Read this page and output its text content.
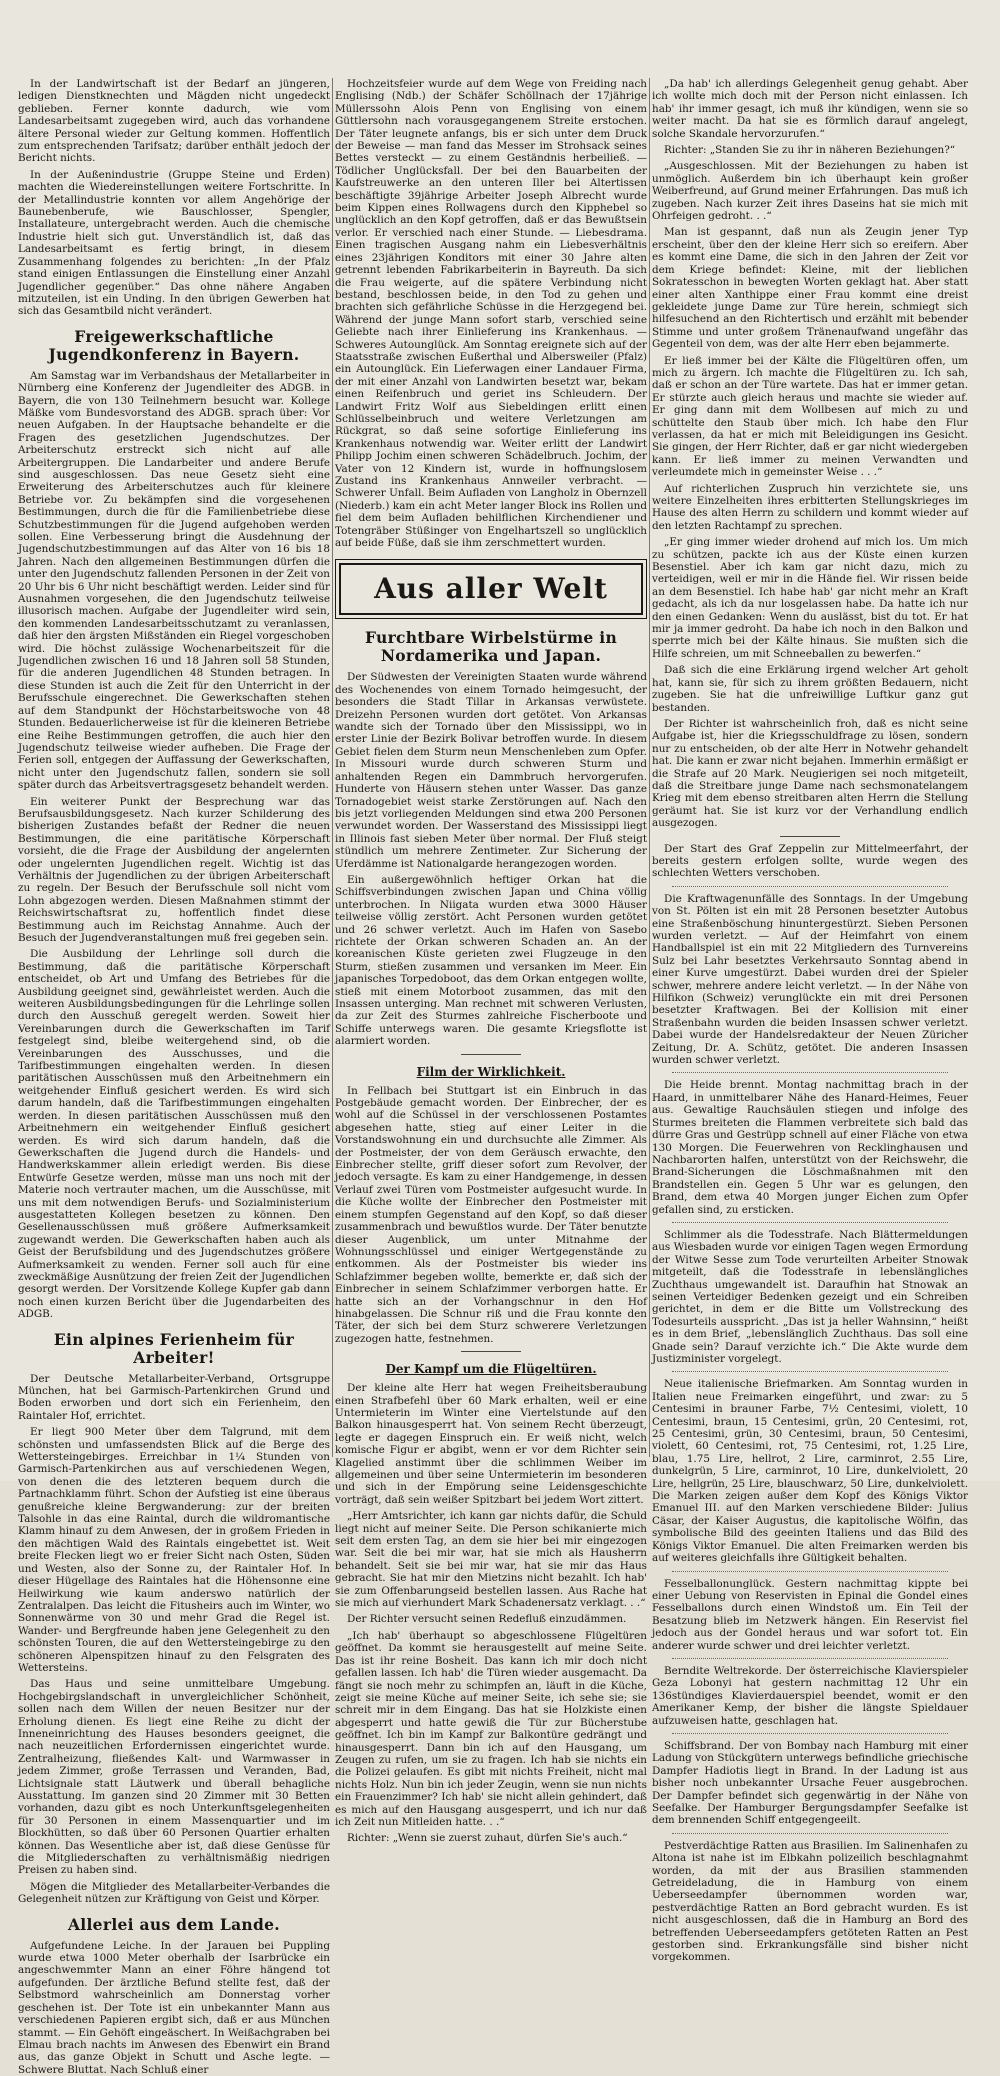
In der Landwirtschaft ist der Bedarf an jüngeren, ledigen Dienstknechten und Mägden nicht ungedeckt geblieben. Ferner konnte dadurch, wie vom Landesarbeitsamt zugegeben wird, auch das vorhandene ältere Personal wieder zur Geltung kommen. Hoffentlich zum entsprechenden Tarifsatz; darüber enthält jedoch der Bericht nichts.

In der Außenindustrie (Gruppe Steine und Erden) machten die Wiedereinstellungen weitere Fortschritte. In der Metallindustrie konnten vor allem Angehörige der Baunebenberufe, wie Bauschlosser, Spengler, Installateure, untergebracht werden. Auch die chemische Industrie hielt sich gut. Unverständlich ist, daß das Landesarbeitsamt es fertig bringt, in diesem Zusammenhang folgendes zu berichten: „In der Pfalz stand einigen Entlassungen die Einstellung einer Anzahl Jugendlicher gegenüber.“ Das ohne nähere Angaben mitzuteilen, ist ein Unding. In den übrigen Gewerben hat sich das Gesamtbild nicht verändert.

Freigewerkschaftliche Jugendkonferenz in Bayern.

Am Samstag war im Verbandshaus der Metallarbeiter in Nürnberg eine Konferenz der Jugendleiter des ADGB. in Bayern, die von 130 Teilnehmern besucht war. Kollege Mäßke vom Bundesvorstand des ADGB. sprach über: Vor neuen Aufgaben. In der Hauptsache behandelte er die Fragen des gesetzlichen Jugendschutzes. Der Arbeiterschutz erstreckt sich nicht auf alle Arbeitergruppen. Die Landarbeiter und andere Berufe sind ausgeschlossen. Das neue Gesetz sieht eine Erweiterung des Arbeiterschutzes auch für kleinere Betriebe vor. Zu bekämpfen sind die vorgesehenen Bestimmungen, durch die für die Familienbetriebe diese Schutzbestimmungen für die Jugend aufgehoben werden sollen. Eine Verbesserung bringt die Ausdehnung der Jugendschutzbestimmungen auf das Alter von 16 bis 18 Jahren. Nach den allgemeinen Bestimmungen dürfen die unter den Jugendschutz fallenden Personen in der Zeit von 20 Uhr bis 6 Uhr nicht beschäftigt werden. Leider sind für Ausnahmen vorgesehen, die den Jugendschutz teilweise illusorisch machen. Aufgabe der Jugendleiter wird sein, den kommenden Landesarbeitsschutzamt zu veranlassen, daß hier den ärgsten Mißständen ein Riegel vorgeschoben wird. Die höchst zulässige Wochenarbeitszeit für die Jugendlichen zwischen 16 und 18 Jahren soll 58 Stunden, für die anderen Jugendlichen 48 Stunden betragen. In diese Stunden ist auch die Zeit für den Unterricht in der Berufsschule eingerechnet. Die Gewerkschaften stehen auf dem Standpunkt der Höchstarbeitswoche von 48 Stunden. Bedauerlicherweise ist für die kleineren Betriebe eine Reihe Bestimmungen getroffen, die auch hier den Jugendschutz teilweise wieder aufheben. Die Frage der Ferien soll, entgegen der Auffassung der Gewerkschaften, nicht unter den Jugendschutz fallen, sondern sie soll später durch das Arbeitsvertragsgesetz behandelt werden.

Ein weiterer Punkt der Besprechung war das Berufsausbildungsgesetz. Nach kurzer Schilderung des bisherigen Zustandes befaßt der Redner die neuen Bestimmungen, die eine paritätische Körperschaft vorsieht, die die Frage der Ausbildung der angelernten oder ungelernten Jugendlichen regelt. Wichtig ist das Verhältnis der Jugendlichen zu der übrigen Arbeiterschaft zu regeln. Der Besuch der Berufsschule soll nicht vom Lohn abgezogen werden. Diesen Maßnahmen stimmt der Reichswirtschaftsrat zu, hoffentlich findet diese Bestimmung auch im Reichstag Annahme. Auch der Besuch der Jugendveranstaltungen muß frei gegeben sein.

Die Ausbildung der Lehrlinge soll durch die Bestimmung, daß die paritätische Körperschaft entscheidet, ob Art und Umfang des Betriebes für die Ausbildung geeignet sind, gewährleistet werden. Auch die weiteren Ausbildungsbedingungen für die Lehrlinge sollen durch den Ausschuß geregelt werden. Soweit hier Vereinbarungen durch die Gewerkschaften im Tarif festgelegt sind, bleibe weitergehend sind, ob die Vereinbarungen des Ausschusses, und die Tarifbestimmungen eingehalten werden. In diesen paritätischen Ausschüssen muß den Arbeitnehmern ein weitgehender Einfluß gesichert werden. Es wird sich darum handeln, daß die Tarifbestimmungen eingehalten werden. In diesen paritätischen Ausschüssen muß den Arbeitnehmern ein weitgehender Einfluß gesichert werden. Es wird sich darum handeln, daß die Gewerkschaften die Jugend durch die Handels- und Handwerkskammer allein erledigt werden. Bis diese Entwürfe Gesetze werden, müsse man uns noch mit der Materie noch vertrauter machen, um die Ausschüsse, mit uns mit dem notwendigen Berufs- und Sozialministerium ausgestatteten Kollegen besetzen zu können. Den Gesellenausschüssen muß größere Aufmerksamkeit zugewandt werden. Die Gewerkschaften haben auch als Geist der Berufsbildung und des Jugendschutzes größere Aufmerksamkeit zu wenden. Ferner soll auch für eine zweckmäßige Ausnützung der freien Zeit der Jugendlichen gesorgt werden. Der Vorsitzende Kollege Kupfer gab dann noch einen kurzen Bericht über die Jugendarbeiten des ADGB.

Ein alpines Ferienheim für Arbeiter!

Der Deutsche Metallarbeiter-Verband, Ortsgruppe München, hat bei Garmisch-Partenkirchen Grund und Boden erworben und dort sich ein Ferienheim, den Raintaler Hof, errichtet.

Er liegt 900 Meter über dem Talgrund, mit dem schönsten und umfassendsten Blick auf die Berge des Wettersteingebirges. Erreichbar in 1¼ Stunden von Garmisch-Partenkirchen aus auf verschiedenen Wegen, von denen die des letzteren bequem durch die Partnachklamm führt. Schon der Aufstieg ist eine überaus genußreiche kleine Bergwanderung: zur der breiten Talsohle in das eine Raintal, durch die wildromantische Klamm hinauf zu dem Anwesen, der in großem Frieden in den mächtigen Wald des Raintals eingebettet ist. Weit breite Flecken liegt wo er freier Sicht nach Osten, Süden und Westen, also der Sonne zu, der Raintaler Hof. In dieser Hügellage des Raintales hat die Höhensonne eine Heilwirkung wie kaum anderswo natürlich der Zentralalpen. Das leicht die Fitusheirs auch im Winter, wo Sonnenwärme von 30 und mehr Grad die Regel ist. Wander- und Bergfreunde haben jene Gelegenheit zu den schönsten Touren, die auf den Wettersteingebirge zu den schöneren Alpenspitzen hinauf zu den Felsgraten des Wettersteins.

Das Haus und seine unmittelbare Umgebung. Hochgebirgslandschaft in unvergleichlicher Schönheit, sollen nach dem Willen der neuen Besitzer nur der Erholung dienen. Es liegt eine Reihe zu dicht der Inneneinrichtung des Hauses besonders geeignet, die nach neuzeitlichen Erfordernissen eingerichtet wurde. Zentralheizung, fließendes Kalt- und Warmwasser in jedem Zimmer, große Terrassen und Veranden, Bad, Lichtsignale statt Läutwerk und überall behagliche Ausstattung. Im ganzen sind 20 Zimmer mit 30 Betten vorhanden, dazu gibt es noch Unterkunftsgelegenheiten für 30 Personen in einem Massenquartier und im Blockhütten, so daß über 60 Personen Quartier erhalten können. Das Wesentliche aber ist, daß diese Genüsse für die Mitgliederschaften zu verhältnismäßig niedrigen Preisen zu haben sind.

Mögen die Mitglieder des Metallarbeiter-Verbandes die Gelegenheit nützen zur Kräftigung von Geist und Körper.

Allerlei aus dem Lande.

Aufgefundene Leiche. In der Jarauen bei Puppling wurde etwa 1000 Meter oberhalb der Isarbrücke ein angeschwemmter Mann an einer Föhre hängend tot aufgefunden. Der ärztliche Befund stellte fest, daß der Selbstmord wahrscheinlich am Donnerstag vorher geschehen ist. Der Tote ist ein unbekannter Mann aus verschiedenen Papieren ergibt sich, daß er aus München stammt. — Ein Gehöft eingeäschert. In Weißachgraben bei Elmau brach nachts im Anwesen des Ebenwirt ein Brand aus, das ganze Objekt in Schutt und Asche legte. — Schwere Bluttat. Nach Schluß einer

Hochzeitsfeier wurde auf dem Wege von Freiding nach Englising (Ndb.) der Schäfer Schöllnach der 17jährige Müllerssohn Alois Penn von Englising von einem Güttlersohn nach vorausgegangenem Streite erstochen. Der Täter leugnete anfangs, bis er sich unter dem Druck der Beweise — man fand das Messer im Strohsack seines Bettes versteckt — zu einem Geständnis herbeiließ. — Tödlicher Unglücksfall. Der bei den Bauarbeiten der Kaufstreuwerke an den unteren Iller bei Altertissen beschäftigte 39jährige Arbeiter Joseph Albrecht wurde beim Kippen eines Rollwagens durch den Kipphebel so unglücklich an den Kopf getroffen, daß er das Bewußtsein verlor. Er verschied nach einer Stunde. — Liebesdrama. Einen tragischen Ausgang nahm ein Liebesverhältnis eines 23jährigen Konditors mit einer 30 Jahre alten getrennt lebenden Fabrikarbeiterin in Bayreuth. Da sich die Frau weigerte, auf die spätere Verbindung nicht bestand, beschlossen beide, in den Tod zu gehen und brachten sich gefährliche Schüsse in die Herzgegend bei. Während der junge Mann sofort starb, verschied seine Geliebte nach ihrer Einlieferung ins Krankenhaus. — Schweres Autounglück. Am Sonntag ereignete sich auf der Staatsstraße zwischen Eußerthal und Albersweiler (Pfalz) ein Autounglück. Ein Lieferwagen einer Landauer Firma, der mit einer Anzahl von Landwirten besetzt war, bekam einen Reifenbruch und geriet ins Schleudern. Der Landwirt Fritz Wolf aus Siebeldingen erlitt einen Schlüsselbeinbruch und weitere Verletzungen am Rückgrat, so daß seine sofortige Einlieferung ins Krankenhaus notwendig war. Weiter erlitt der Landwirt Philipp Jochim einen schweren Schädelbruch. Jochim, der Vater von 12 Kindern ist, wurde in hoffnungslosem Zustand ins Krankenhaus Annweiler verbracht. — Schwerer Unfall. Beim Aufladen von Langholz in Obernzell (Niederb.) kam ein acht Meter langer Block ins Rollen und fiel dem beim Aufladen behilflichen Kirchendiener und Totengräber Stüßinger von Engelhartszell so unglücklich auf beide Füße, daß sie ihm zerschmettert wurden.

Aus aller Welt
Furchtbare Wirbelstürme in Nordamerika und Japan.

Der Südwesten der Vereinigten Staaten wurde während des Wochenendes von einem Tornado heimgesucht, der besonders die Stadt Tillar in Arkansas verwüstete. Dreizehn Personen wurden dort getötet. Von Arkansas wandte sich der Tornado über den Mississippi, wo in erster Linie der Bezirk Bolivar betroffen wurde. In diesem Gebiet fielen dem Sturm neun Menschenleben zum Opfer. In Missouri wurde durch schweren Sturm und anhaltenden Regen ein Dammbruch hervorgerufen. Hunderte von Häusern stehen unter Wasser. Das ganze Tornadogebiet weist starke Zerstörungen auf. Nach den bis jetzt vorliegenden Meldungen sind etwa 200 Personen verwundet worden. Der Wasserstand des Mississippi liegt in Illinois fast sieben Meter über normal. Der Fluß steigt stündlich um mehrere Zentimeter. Zur Sicherung der Uferdämme ist Nationalgarde herangezogen worden.

Ein außergewöhnlich heftiger Orkan hat die Schiffsverbindungen zwischen Japan und China völlig unterbrochen. In Niigata wurden etwa 3000 Häuser teilweise völlig zerstört. Acht Personen wurden getötet und 26 schwer verletzt. Auch im Hafen von Sasebo richtete der Orkan schweren Schaden an. An der koreanischen Küste gerieten zwei Flugzeuge in den Sturm, stießen zusammen und versanken im Meer. Ein japanisches Torpedoboot, das dem Orkan entgegen wollte, stieß mit einem Motorboot zusammen, das mit den Insassen unterging. Man rechnet mit schweren Verlusten, da zur Zeit des Sturmes zahlreiche Fischerboote und Schiffe unterwegs waren. Die gesamte Kriegsflotte ist alarmiert worden.

Film der Wirklichkeit.

In Fellbach bei Stuttgart ist ein Einbruch in das Postgebäude gemacht worden. Der Einbrecher, der es wohl auf die Schüssel in der verschlossenen Postamtes abgesehen hatte, stieg auf einer Leiter in die Vorstandswohnung ein und durchsuchte alle Zimmer. Als der Postmeister, der von dem Geräusch erwachte, den Einbrecher stellte, griff dieser sofort zum Revolver, der jedoch versagte. Es kam zu einer Handgemenge, in dessen Verlauf zwei Türen vom Postmeister aufgesucht wurde. In die Küche wollte der Einbrecher den Postmeister mit einem stumpfen Gegenstand auf den Kopf, so daß dieser zusammenbrach und bewußtlos wurde. Der Täter benutzte dieser Augenblick, um unter Mitnahme der Wohnungsschlüssel und einiger Wertgegenstände zu entkommen. Als der Postmeister bis wieder ins Schlafzimmer begeben wollte, bemerkte er, daß sich der Einbrecher in seinem Schlafzimmer verborgen hatte. Er hatte sich an der Vorhangschnur in den Hof hinabgelassen. Die Schnur riß und die Frau konnte den Täter, der sich bei dem Sturz schwerere Verletzungen zugezogen hatte, festnehmen.

Der Kampf um die Flügeltüren.

Der kleine alte Herr hat wegen Freiheitsberaubung einen Strafbefehl über 60 Mark erhalten, weil er eine Untermieterin im Winter eine Viertelstunde auf den Balkon hinausgesperrt hat. Von seinem Recht überzeugt, legte er dagegen Einspruch ein. Er weiß nicht, welch komische Figur er abgibt, wenn er vor dem Richter sein Klagelied anstimmt über die schlimmen Weiber im allgemeinen und über seine Untermieterin im besonderen und sich in der Empörung seine Leidensgeschichte vorträgt, daß sein weißer Spitzbart bei jedem Wort zittert.

„Herr Amtsrichter, ich kann gar nichts dafür, die Schuld liegt nicht auf meiner Seite. Die Person schikanierte mich seit dem ersten Tag, an dem sie hier bei mir eingezogen war. Seit die bei mir war, hat sie mich als Hausherrn behandelt. Seit sie bei mir war, hat sie mir das Haus gebracht. Sie hat mir den Mietzins nicht bezahlt. Ich hab' sie zum Offenbarungseid bestellen lassen. Aus Rache hat sie mich auf vierhundert Mark Schadenersatz verklagt. . .“

Der Richter versucht seinen Redefluß einzudämmen.

„Ich hab' überhaupt so abgeschlossene Flügeltüren geöffnet. Da kommt sie herausgestellt auf meine Seite. Das ist ihr reine Bosheit. Das kann ich mir doch nicht gefallen lassen. Ich hab' die Türen wieder ausgemacht. Da fängt sie noch mehr zu schimpfen an, läuft in die Küche, zeigt sie meine Küche auf meiner Seite, ich sehe sie; sie schreit mir in dem Eingang. Das hat sie Holzkiste einen abgesperrt und hatte gewiß die Tür zur Bücherstube geöffnet. Ich bin im Kampf zur Balkontüre gedrängt und hinausgesperrt. Dann bin ich auf den Hausgang, um Zeugen zu rufen, um sie zu fragen. Ich hab sie nichts ein die Polizei gelaufen. Es gibt mit nichts Freiheit, nicht mal nichts Holz. Nun bin ich jeder Zeugin, wenn sie nun nichts ein Frauenzimmer? Ich hab' sie nicht allein gehindert, daß es mich auf den Hausgang ausgesperrt, und ich nur daß ich Zeit nun Mitleiden hatte. . .“

Richter: „Wenn sie zuerst zuhaut, dürfen Sie's auch.“

„Da hab' ich allerdings Gelegenheit genug gehabt. Aber ich wollte mich doch mit der Person nicht einlassen. Ich hab' ihr immer gesagt, ich muß ihr kündigen, wenn sie so weiter macht. Da hat sie es förmlich darauf angelegt, solche Skandale hervorzurufen.“

Richter: „Standen Sie zu ihr in näheren Beziehungen?“

„Ausgeschlossen. Mit der Beziehungen zu haben ist unmöglich. Außerdem bin ich überhaupt kein großer Weiberfreund, auf Grund meiner Erfahrungen. Das muß ich zugeben. Nach kurzer Zeit ihres Daseins hat sie mich mit Ohrfeigen gedroht. . .“

Man ist gespannt, daß nun als Zeugin jener Typ erscheint, über den der kleine Herr sich so ereifern. Aber es kommt eine Dame, die sich in den Jahren der Zeit vor dem Kriege befindet: Kleine, mit der lieblichen Sokratesschon in bewegten Worten geklagt hat. Aber statt einer alten Xanthippe einer Frau kommt eine dreist gekleidete junge Dame zur Türe herein, schmiegt sich hilfesuchend an den Richtertisch und erzählt mit bebender Stimme und unter großem Tränenaufwand ungefähr das Gegenteil von dem, was der alte Herr eben bejammerte.

Er ließ immer bei der Kälte die Flügeltüren offen, um mich zu ärgern. Ich machte die Flügeltüren zu. Ich sah, daß er schon an der Türe wartete. Das hat er immer getan. Er stürzte auch gleich heraus und machte sie wieder auf. Er ging dann mit dem Wollbesen auf mich zu und schüttelte den Staub über mich. Ich habe den Flur verlassen, da hat er mich mit Beleidigungen ins Gesicht. Sie gingen, der Herr Richter, daß er gar nicht wiedergeben kann. Er ließ immer zu meinen Verwandten und verleumdete mich in gemeinster Weise . . .“

Auf richterlichen Zuspruch hin verzichtete sie, uns weitere Einzelheiten ihres erbitterten Stellungskrieges im Hause des alten Herrn zu schildern und kommt wieder auf den letzten Rachtampf zu sprechen.

„Er ging immer wieder drohend auf mich los. Um mich zu schützen, packte ich aus der Küste einen kurzen Besenstiel. Aber ich kam gar nicht dazu, mich zu verteidigen, weil er mir in die Hände fiel. Wir rissen beide an dem Besenstiel. Ich habe hab' gar nicht mehr an Kraft gedacht, als ich da nur losgelassen habe. Da hatte ich nur den einen Gedanken: Wenn du auslässt, bist du tot. Er hat mir ja immer gedroht. Da habe ich noch in den Balkon und sperrte mich bei der Kälte hinaus. Sie mußten sich die Hilfe schreien, um mit Schneeballen zu bewerfen.“

Daß sich die eine Erklärung irgend welcher Art geholt hat, kann sie, für sich zu ihrem größten Bedauern, nicht zugeben. Sie hat die unfreiwillige Luftkur ganz gut bestanden.

Der Richter ist wahrscheinlich froh, daß es nicht seine Aufgabe ist, hier die Kriegsschuldfrage zu lösen, sondern nur zu entscheiden, ob der alte Herr in Notwehr gehandelt hat. Die kann er zwar nicht bejahen. Immerhin ermäßigt er die Strafe auf 20 Mark. Neugierigen sei noch mitgeteilt, daß die Streitbare junge Dame nach sechsmonatelangem Krieg mit dem ebenso streitbaren alten Herrn die Stellung geräumt hat. Sie ist kurz vor der Verhandlung endlich ausgezogen.

Der Start des Graf Zeppelin zur Mittelmeerfahrt, der bereits gestern erfolgen sollte, wurde wegen des schlechten Wetters verschoben.

Die Kraftwagenunfälle des Sonntags. In der Umgebung von St. Pölten ist ein mit 28 Personen besetzter Autobus eine Straßenböschung hinuntergestürzt. Sieben Personen wurden verletzt. — Auf der Heimfahrt von einem Handballspiel ist ein mit 22 Mitgliedern des Turnvereins Sulz bei Lahr besetztes Verkehrsauto Sonntag abend in einer Kurve umgestürzt. Dabei wurden drei der Spieler schwer, mehrere andere leicht verletzt. — In der Nähe von Hilfikon (Schweiz) verunglückte ein mit drei Personen besetzter Kraftwagen. Bei der Kollision mit einer Straßenbahn wurden die beiden Insassen schwer verletzt. Dabei wurde der Handelsredakteur der Neuen Züricher Zeitung, Dr. A. Schütz, getötet. Die anderen Insassen wurden schwer verletzt.

Die Heide brennt. Montag nachmittag brach in der Haard, in unmittelbarer Nähe des Hanard-Heimes, Feuer aus. Gewaltige Rauchsäulen stiegen und infolge des Sturmes breiteten die Flammen verbreitete sich bald das dürre Gras und Gestrüpp schnell auf einer Fläche von etwa 130 Morgen. Die Feuerwehren von Recklinghausen und Nachbarorten halfen, unterstützt von der Reichswehr, die Brand-Sicherungen die Löschmaßnahmen mit den Brandstellen ein. Gegen 5 Uhr war es gelungen, den Brand, dem etwa 40 Morgen junger Eichen zum Opfer gefallen sind, zu ersticken.

Schlimmer als die Todesstrafe. Nach Blättermeldungen aus Wiesbaden wurde vor einigen Tagen wegen Ermordung der Witwe Sesse zum Tode verurteilten Arbeiter Stnowak mitgeteilt, daß die Todesstrafe in lebenslängliches Zuchthaus umgewandelt ist. Daraufhin hat Stnowak an seinen Verteidiger Bedenken gezeigt und ein Schreiben gerichtet, in dem er die Bitte um Vollstreckung des Todesurteils ausspricht. „Das ist ja heller Wahnsinn,“ heißt es in dem Brief, „lebenslänglich Zuchthaus. Das soll eine Gnade sein? Darauf verzichte ich.“ Die Akte wurde dem Justizminister vorgelegt.

Neue italienische Briefmarken. Am Sonntag wurden in Italien neue Freimarken eingeführt, und zwar: zu 5 Centesimi in brauner Farbe, 7½ Centesimi, violett, 10 Centesimi, braun, 15 Centesimi, grün, 20 Centesimi, rot, 25 Centesimi, grün, 30 Centesimi, braun, 50 Centesimi, violett, 60 Centesimi, rot, 75 Centesimi, rot, 1.25 Lire, blau, 1.75 Lire, hellrot, 2 Lire, carminrot, 2.55 Lire, dunkelgrün, 5 Lire, carminrot, 10 Lire, dunkelviolett, 20 Lire, hellgrün, 25 Lire, blauschwarz, 50 Lire, dunkelviolett. Die Marken zeigen außer dem Kopf des Königs Viktor Emanuel III. auf den Marken verschiedene Bilder: Julius Cäsar, der Kaiser Augustus, die kapitolische Wölfin, das symbolische Bild des geeinten Italiens und das Bild des Königs Viktor Emanuel. Die alten Freimarken werden bis auf weiteres gleichfalls ihre Gültigkeit behalten.

Fesselballonunglück. Gestern nachmittag kippte bei einer Uebung von Reservisten in Epinal die Gondel eines Fesselballons durch einen Windstoß um. Ein Teil der Besatzung blieb im Netzwerk hängen. Ein Reservist fiel jedoch aus der Gondel heraus und war sofort tot. Ein anderer wurde schwer und drei leichter verletzt.

Berndite Weltrekorde. Der österreichische Klavierspieler Geza Lobonyi hat gestern nachmittag 12 Uhr ein 136stündiges Klavierdauerspiel beendet, womit er den Amerikaner Kemp, der bisher die längste Spieldauer aufzuweisen hatte, geschlagen hat.

Schiffsbrand. Der von Bombay nach Hamburg mit einer Ladung von Stückgütern unterwegs befindliche griechische Dampfer Hadiotis liegt in Brand. In der Ladung ist aus bisher noch unbekannter Ursache Feuer ausgebrochen. Der Dampfer befindet sich gegenwärtig in der Nähe von Seefalke. Der Hamburger Bergungsdampfer Seefalke ist dem brennenden Schiff entgegengeeilt.

Pestverdächtige Ratten aus Brasilien. Im Salinenhafen zu Altona ist nahe ist im Elbkahn polizeilich beschlagnahmt worden, da mit der aus Brasilien stammenden Getreideladung, die in Hamburg von einem Ueberseedampfer übernommen worden war, pestverdächtige Ratten an Bord gebracht wurden. Es ist nicht ausgeschlossen, daß die in Hamburg an Bord des betreffenden Ueberseedampfers getöteten Ratten an Pest gestorben sind. Erkrankungsfälle sind bisher nicht vorgekommen.
